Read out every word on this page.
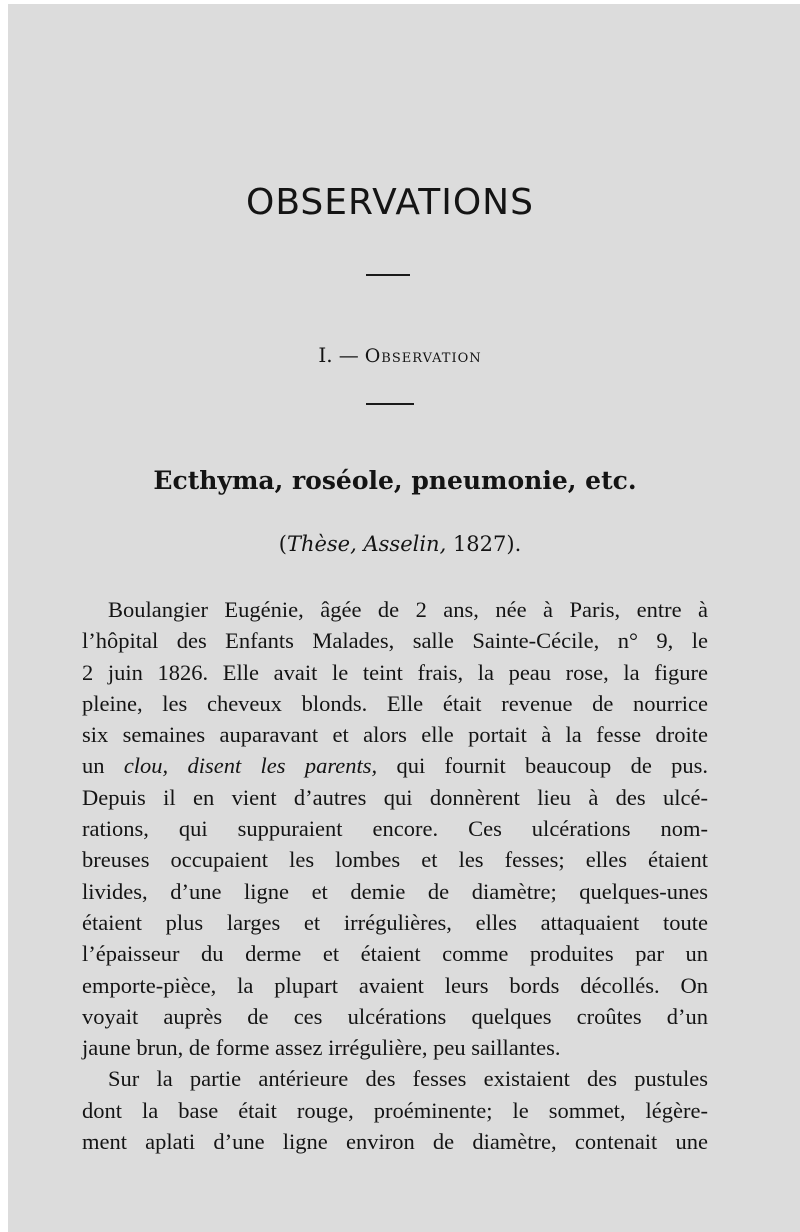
OBSERVATIONS
I. — Observation
Ecthyma, roséole, pneumonie, etc.
(Thèse, Asselin, 1827).
Boulangier Eugénie, âgée de 2 ans, née à Paris, entre à
l’hôpital des Enfants Malades, salle Sainte-Cécile, n° 9, le
2 juin 1826. Elle avait le teint frais, la peau rose, la figure
pleine, les cheveux blonds. Elle était revenue de nourrice
six semaines auparavant et alors elle portait à la fesse droite
un clou, disent les parents, qui fournit beaucoup de pus.
Depuis il en vient d’autres qui donnèrent lieu à des ulcé-
rations, qui suppuraient encore. Ces ulcérations nom-
breuses occupaient les lombes et les fesses; elles étaient
livides, d’une ligne et demie de diamètre; quelques-unes
étaient plus larges et irrégulières, elles attaquaient toute
l’épaisseur du derme et étaient comme produites par un
emporte-pièce, la plupart avaient leurs bords décollés. On
voyait auprès de ces ulcérations quelques croûtes d’un
jaune brun, de forme assez irrégulière, peu saillantes.
Sur la partie antérieure des fesses existaient des pustules
dont la base était rouge, proéminente; le sommet, légère-
ment aplati d’une ligne environ de diamètre, contenait une
